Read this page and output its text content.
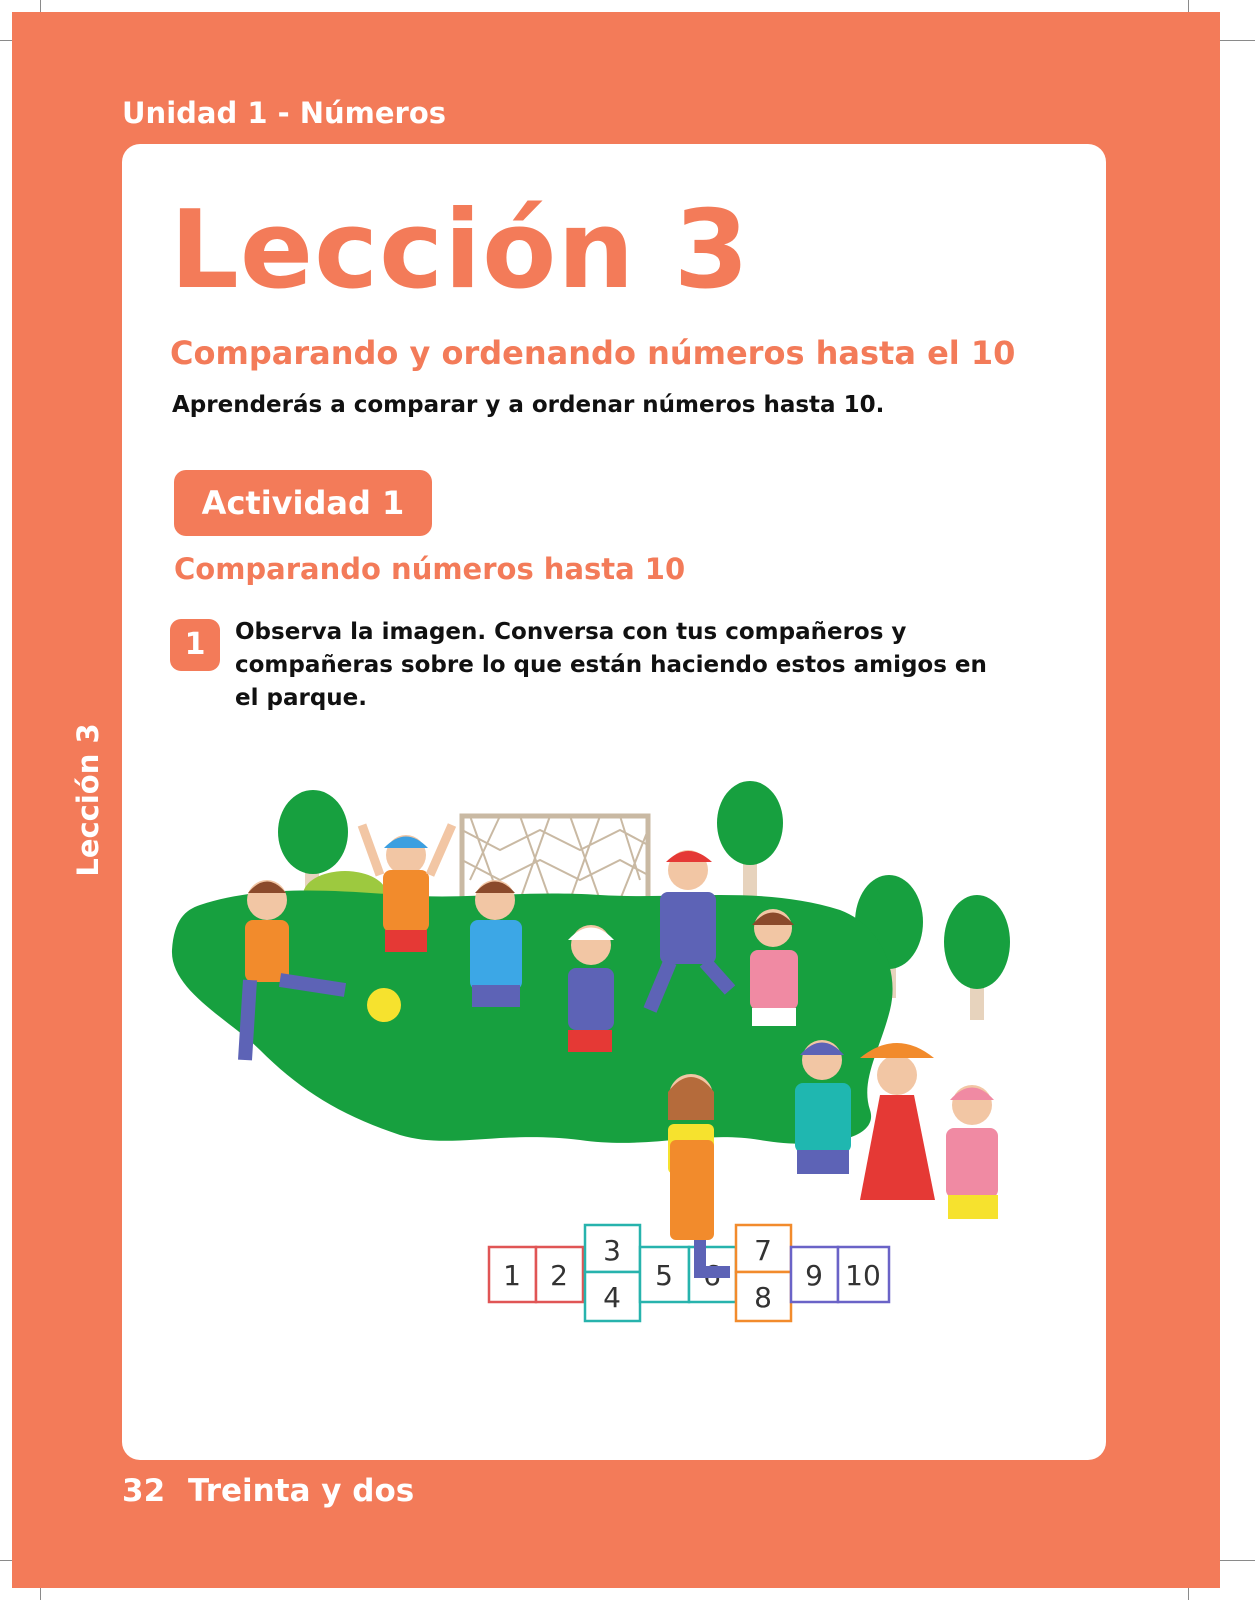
Unidad 1 - Números
Lección 3
Comparando y ordenando números hasta el 10
Aprenderás a comparar y a ordenar números hasta 10.
Actividad 1
Comparando números hasta 10
1	Observa la imagen. Conversa con tus compañeros y compañeras sobre lo que están haciendo estos amigos en el parque.
1 2
3
4
5 6
7
8
9 10
Lección 3
32 Treinta y dos
